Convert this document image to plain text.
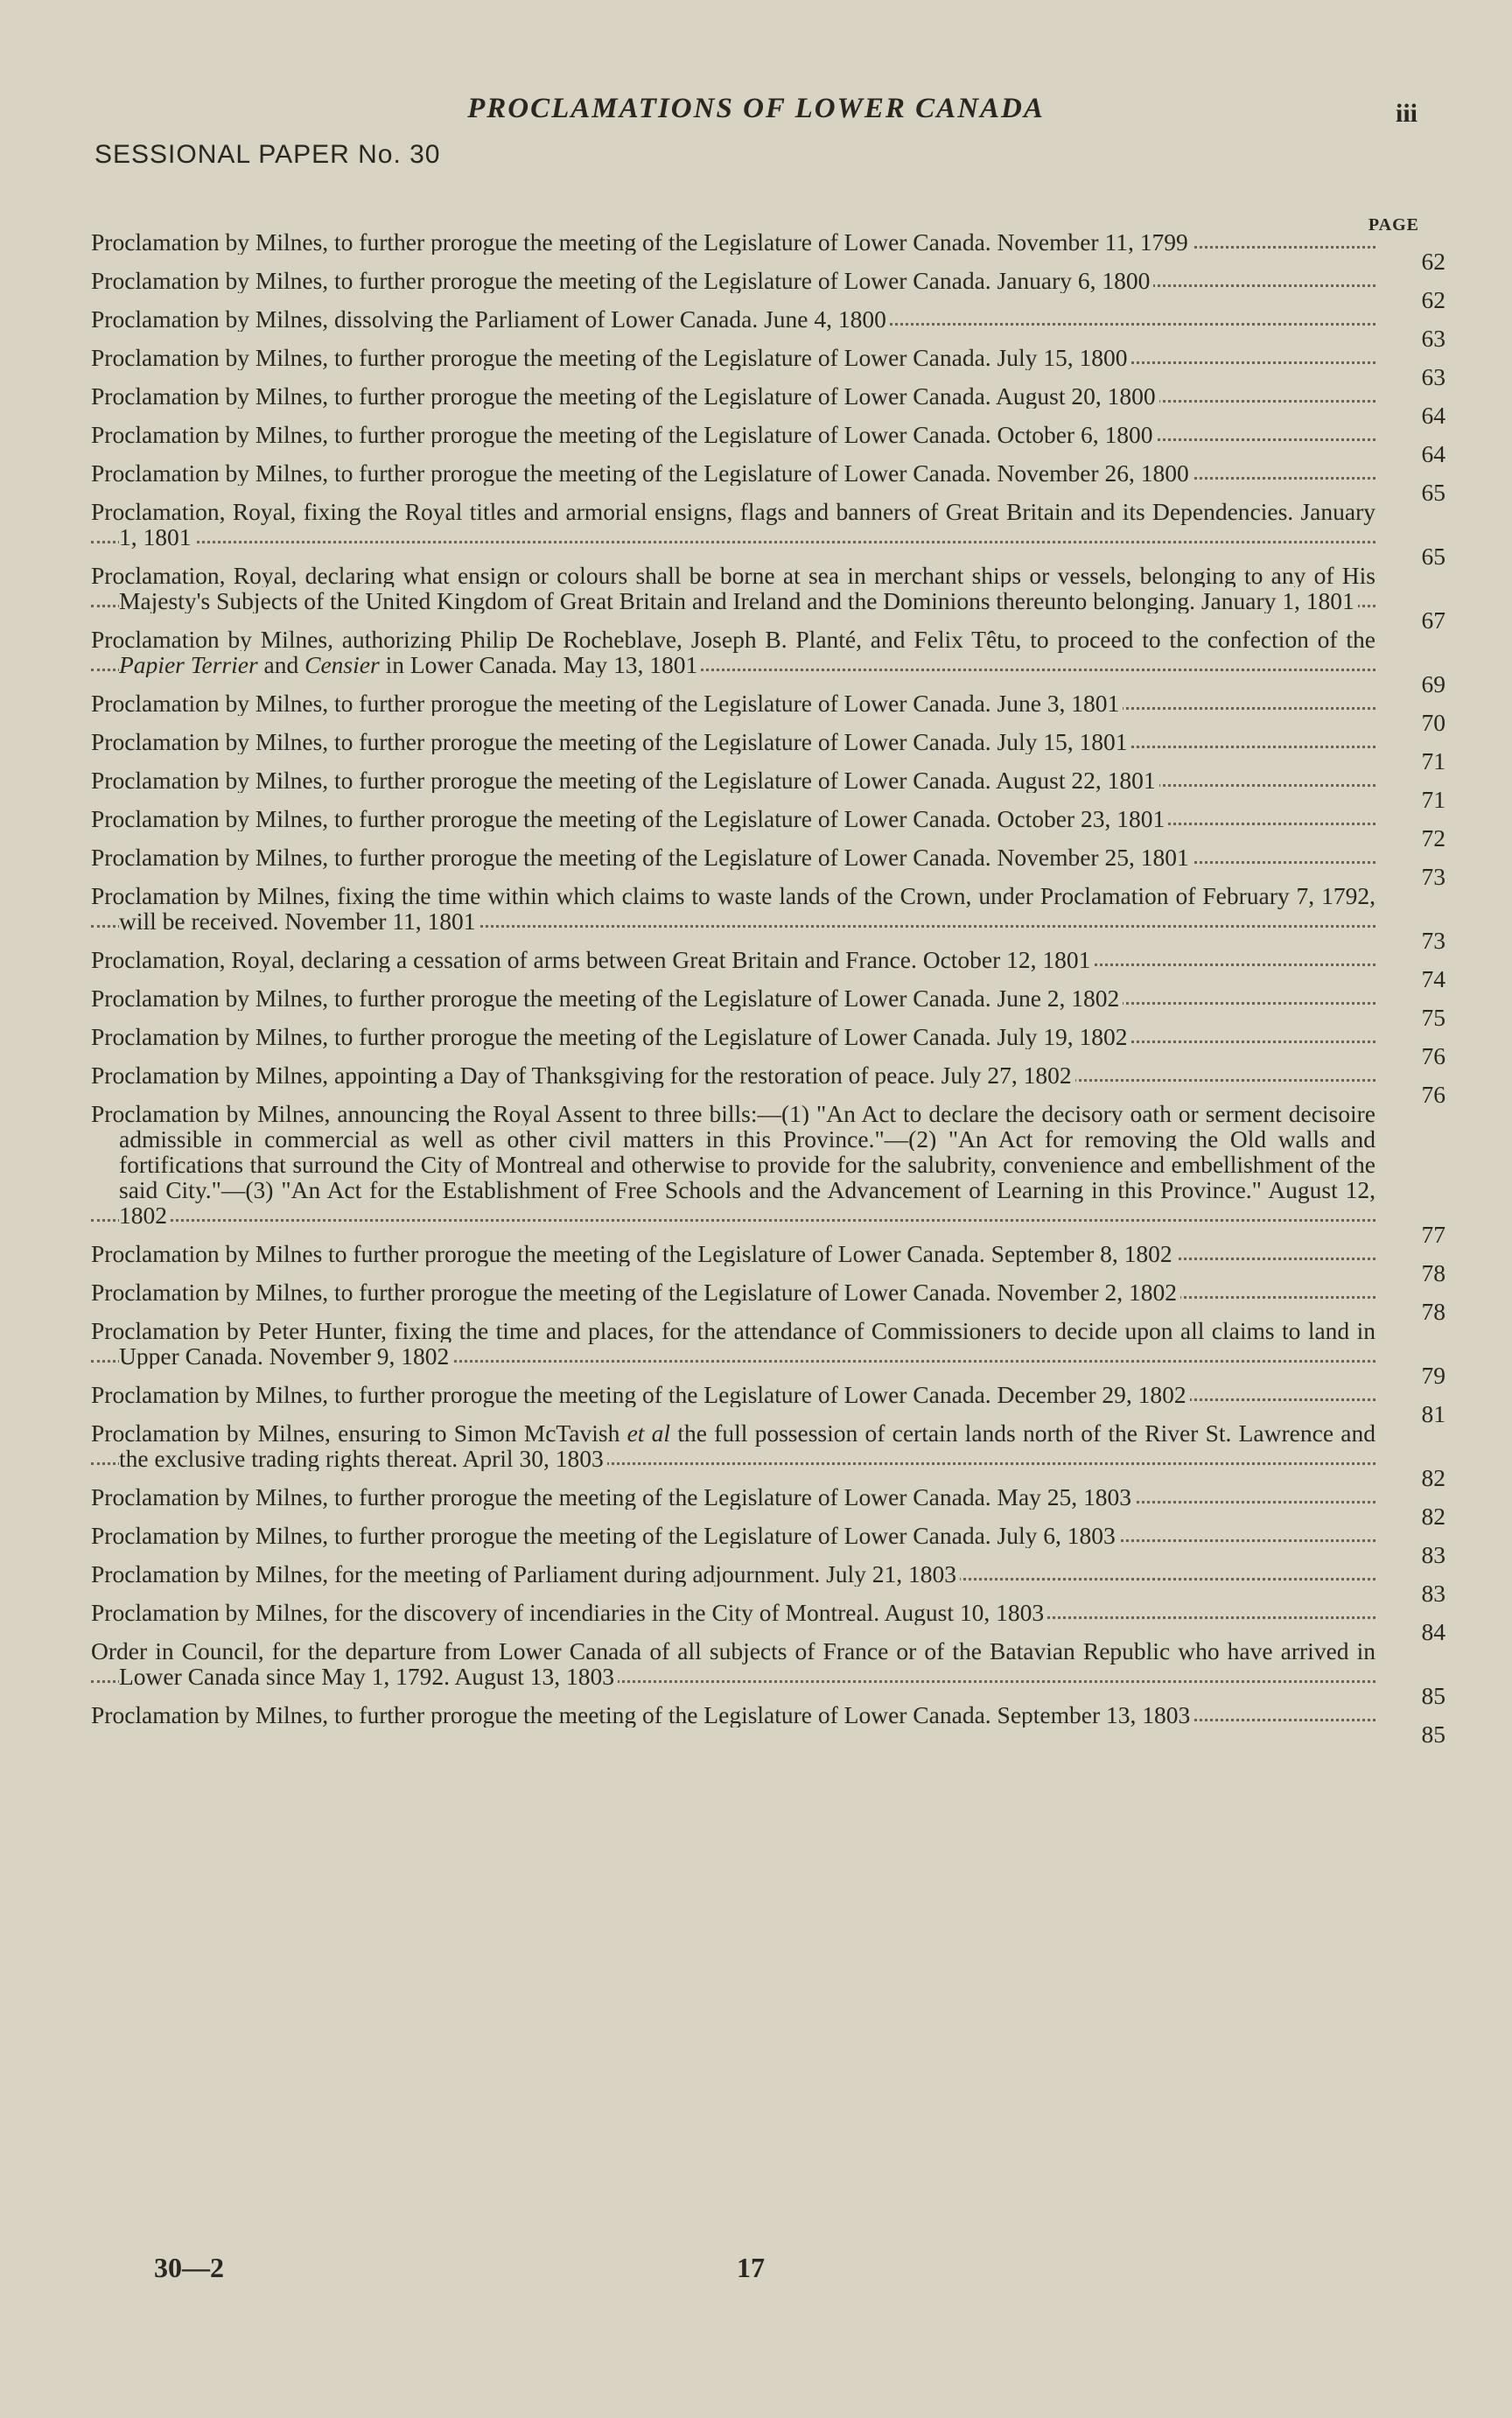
PROCLAMATIONS OF LOWER CANADA	iii
SESSIONAL PAPER No. 30
PAGE
Proclamation by Milnes, to further prorogue the meeting of the Legislature of Lower Canada. November 11, 1799
62
Proclamation by Milnes, to further prorogue the meeting of the Legislature of Lower Canada. January 6, 1800
62
Proclamation by Milnes, dissolving the Parliament of Lower Canada. June 4, 1800
63
Proclamation by Milnes, to further prorogue the meeting of the Legislature of Lower Canada. July 15, 1800
63
Proclamation by Milnes, to further prorogue the meeting of the Legislature of Lower Canada. August 20, 1800
64
Proclamation by Milnes, to further prorogue the meeting of the Legislature of Lower Canada. October 6, 1800
64
Proclamation by Milnes, to further prorogue the meeting of the Legislature of Lower Canada. November 26, 1800
65
Proclamation, Royal, fixing the Royal titles and armorial ensigns, flags and banners of Great Britain and its Dependencies. January 1, 1801
65
Proclamation, Royal, declaring what ensign or colours shall be borne at sea in merchant ships or vessels, belonging to any of His Majesty's Subjects of the United Kingdom of Great Britain and Ireland and the Dominions thereunto belonging. January 1, 1801
67
Proclamation by Milnes, authorizing Philip De Rocheblave, Joseph B. Planté, and Felix Têtu, to proceed to the confection of the Papier Terrier and Censier in Lower Canada. May 13, 1801
69
Proclamation by Milnes, to further prorogue the meeting of the Legislature of Lower Canada. June 3, 1801
70
Proclamation by Milnes, to further prorogue the meeting of the Legislature of Lower Canada. July 15, 1801
71
Proclamation by Milnes, to further prorogue the meeting of the Legislature of Lower Canada. August 22, 1801
71
Proclamation by Milnes, to further prorogue the meeting of the Legislature of Lower Canada. October 23, 1801
72
Proclamation by Milnes, to further prorogue the meeting of the Legislature of Lower Canada. November 25, 1801
73
Proclamation by Milnes, fixing the time within which claims to waste lands of the Crown, under Proclamation of February 7, 1792, will be received. November 11, 1801
73
Proclamation, Royal, declaring a cessation of arms between Great Britain and France. October 12, 1801
74
Proclamation by Milnes, to further prorogue the meeting of the Legislature of Lower Canada. June 2, 1802
75
Proclamation by Milnes, to further prorogue the meeting of the Legislature of Lower Canada. July 19, 1802
76
Proclamation by Milnes, appointing a Day of Thanksgiving for the restoration of peace. July 27, 1802
76
Proclamation by Milnes, announcing the Royal Assent to three bills:—(1) "An Act to declare the decisory oath or serment decisoire admissible in commercial as well as other civil matters in this Province."—(2) "An Act for removing the Old walls and fortifications that surround the City of Montreal and otherwise to provide for the salubrity, convenience and embellishment of the said City."—(3) "An Act for the Establishment of Free Schools and the Advancement of Learning in this Province." August 12, 1802
77
Proclamation by Milnes to further prorogue the meeting of the Legislature of Lower Canada. September 8, 1802
78
Proclamation by Milnes, to further prorogue the meeting of the Legislature of Lower Canada. November 2, 1802
78
Proclamation by Peter Hunter, fixing the time and places, for the attendance of Commissioners to decide upon all claims to land in Upper Canada. November 9, 1802
79
Proclamation by Milnes, to further prorogue the meeting of the Legislature of Lower Canada. December 29, 1802
81
Proclamation by Milnes, ensuring to Simon McTavish et al the full possession of certain lands north of the River St. Lawrence and the exclusive trading rights thereat. April 30, 1803
82
Proclamation by Milnes, to further prorogue the meeting of the Legislature of Lower Canada. May 25, 1803
82
Proclamation by Milnes, to further prorogue the meeting of the Legislature of Lower Canada. July 6, 1803
83
Proclamation by Milnes, for the meeting of Parliament during adjournment. July 21, 1803
83
Proclamation by Milnes, for the discovery of incendiaries in the City of Montreal. August 10, 1803
84
Order in Council, for the departure from Lower Canada of all subjects of France or of the Batavian Republic who have arrived in Lower Canada since May 1, 1792. August 13, 1803
85
Proclamation by Milnes, to further prorogue the meeting of the Legislature of Lower Canada. September 13, 1803
85
30—2	17
